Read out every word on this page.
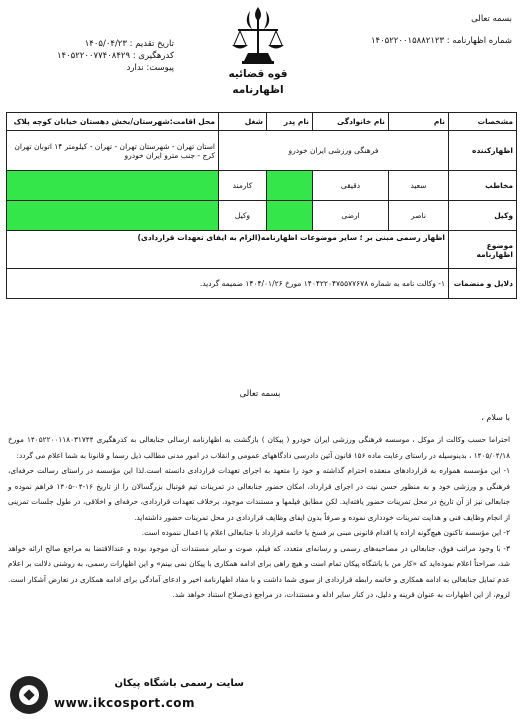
بسمه تعالی
شماره اظهارنامه : ۱۴۰۵۲۲۰۰۱۵۸۸۲۱۲۳
قوه قضائیه
اظهارنامه
تاریخ تقدیم : ۱۴۰۵/۰۴/۲۳
کدرهگیری : ۱۴۰۵۲۲۰۰۷۷۴۰۸۴۲۹
پیوست: ندارد
مشخصات	نام	نام خانوادگی	نام پدر	شغل	محل اقامت:شهرستان/بخش دهستان خیابان کوچه پلاک
اظهارکننده	فرهنگی ورزشی ایران خودرو				استان تهران - شهرستان تهران - تهران - کیلومتر ۱۴ اتوبان تهران کرج - جنب مترو ایران خودرو
مخاطب	سعید	دقیقی		کارمند	
وکیل	ناصر	ارضی		وکیل	
موضوع اظهارنامه	اظهار رسمی مبنی بر ؛ سایر موضوعات اظهارنامه(الزام به ایفای تعهدات قراردادی)				
دلایل و منضمات	۱- وکالت نامه به شماره ۱۴۰۴۲۲۰۴۷۵۵۷۷۶۷۸ مورخ ۱۴۰۴/۰۱/۲۶ ضمیمه گردید.				
بسمه تعالی
با سلام ،

احتراما حسب وکالت از موکل ، موسسه فرهنگی ورزشی ایران خودرو ( پیکان ) بازگشت به اظهارنامه ارسالی جنابعالی به کدرهگیری ۱۴۰۵۲۲۰۰۱۱۸۰۳۱۷۴۴ مورخ ۱۴۰۵/۰۴/۱۸ ، بدینوسیله در راستای رعایت ماده ۱۵۶ قانون آئین دادرسی دادگاههای عمومی و انقلاب در امور مدنی مطالب ذیل رسما و قانونا به شما اعلام می گردد:

۱- این مؤسسه همواره به قراردادهای منعقده احترام گذاشته و خود را متعهد به اجرای تعهدات قراردادی دانسته است.لذا این مؤسسه در راستای رسالت حرفه‌ای، فرهنگی و ورزشی خود و به منظور حسن نیت در اجرای قرارداد، امکان حضور جنابعالی در تمرینات تیم فوتبال بزرگسالان را از تاریخ ۱۶-۰۴-۱۴۰۵ فراهم نموده و جنابعالی نیز از آن تاریخ در محل تمرینات حضور یافته‌اید. لکن مطابق فیلمها و مستندات موجود، برخلاف تعهدات قراردادی، حرفه‌ای و اخلاقی، در طول جلسات تمرینی از انجام وظایف فنی و هدایت تمرینات خودداری نموده و صرفاً بدون ایفای وظایف قراردادی در محل تمرینات حضور داشته‌اید.

۲- این مؤسسه تاکنون هیچ‌گونه اراده یا اقدام قانونی مبنی بر فسخ یا خاتمه قرارداد با جنابعالی اعلام یا اعمال ننموده است.

۳- با وجود مراتب فوق، جنابعالی در مصاحبه‌های رسمی و رسانه‌ای متعدد، که فیلم، صوت و سایر مستندات آن موجود بوده و عندالاقتضا به مراجع صالح ارائه خواهد شد، صراحتاً اعلام نموده‌اید که «کار من با باشگاه پیکان تمام است و هیچ راهی برای ادامه همکاری با پیکان نمی بینم» و این اظهارات رسمی، به روشنی دلالت بر اعلام عدم تمایل جنابعالی به ادامه همکاری و خاتمه رابطه قراردادی از سوی شما داشت و با مفاد اظهارنامه اخیر و ادعای آمادگی برای ادامه همکاری در تعارض آشکار است. لزوم، از این اظهارات به عنوان قرینه و دلیل، در کنار سایر ادله و مستندات، در مراجع ذی‌صلاح استناد خواهد شد.

سایت رسمی باشگاه پیکان
www.ikcosport.com
